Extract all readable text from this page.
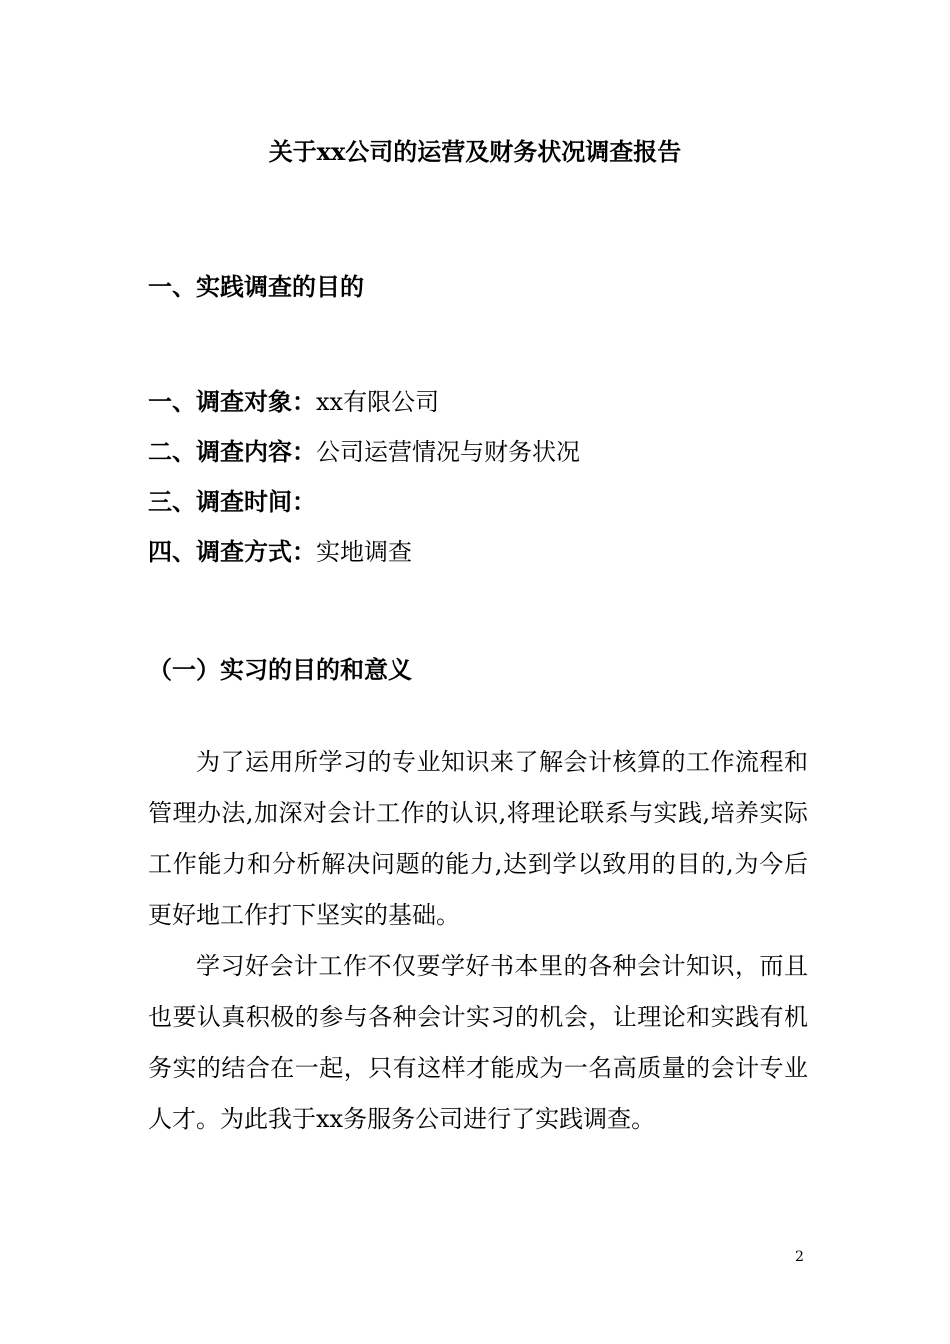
关于xx公司的运营及财务状况调查报告
一、实践调查的目的
一、调查对象：xx有限公司
二、调查内容：公司运营情况与财务状况
三、调查时间：
四、调查方式：实地调查
（一）实习的目的和意义

为了运用所学习的专业知识来了解会计核算的工作流程和管理办法,加深对会计工作的认识,将理论联系与实践,培养实际工作能力和分析解决问题的能力,达到学以致用的目的,为今后更好地工作打下坚实的基础。

学习好会计工作不仅要学好书本里的各种会计知识，而且也要认真积极的参与各种会计实习的机会，让理论和实践有机务实的结合在一起，只有这样才能成为一名高质量的会计专业人才。为此我于xx务服务公司进行了实践调查。

2
